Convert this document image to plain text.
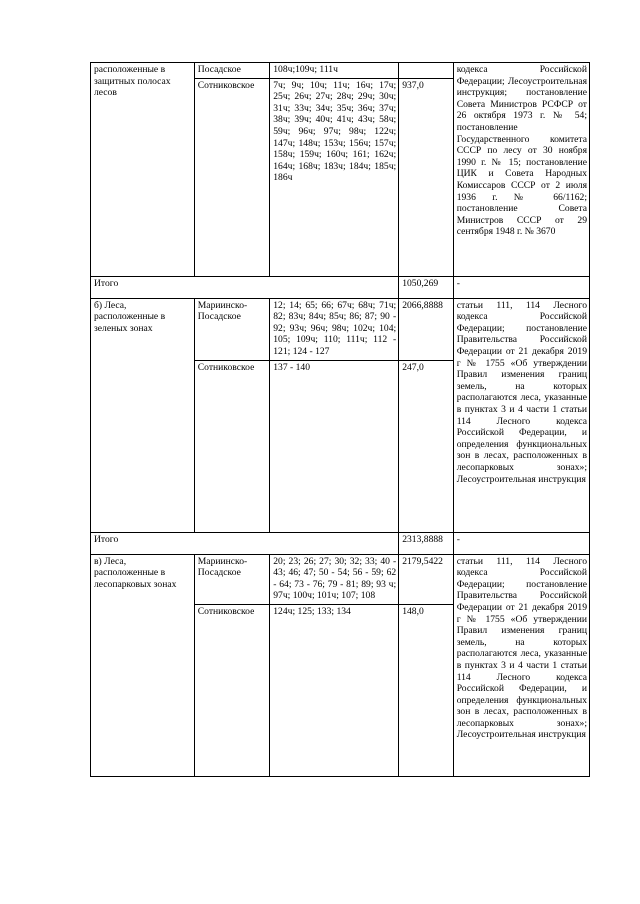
расположенные в защитных полосах лесов	Посадское	108ч;109ч; 111ч		кодекса Российской Федерации; Лесоустроительная инструкция; постановление Совета Министров РСФСР от 26 октября 1973 г. № 54; постановление Государственного комитета СССР по лесу от 30 ноября 1990 г. № 15; постановление ЦИК и Совета Народных Комиссаров СССР от 2 июля 1936 г. № 66/1162; постановление Совета Министров СССР от 29 сентября 1948 г. № 3670
	Сотниковское	7ч; 9ч; 10ч; 11ч; 16ч; 17ч; 25ч; 26ч; 27ч; 28ч; 29ч; 30ч; 31ч; 33ч; 34ч; 35ч; 36ч; 37ч; 38ч; 39ч; 40ч; 41ч; 43ч; 58ч; 59ч; 96ч; 97ч; 98ч; 122ч; 147ч; 148ч; 153ч; 156ч; 157ч; 158ч; 159ч; 160ч; 161; 162ч; 164ч; 168ч; 183ч; 184ч; 185ч; 186ч	937,0	
Итого			1050,269	-
б) Леса, расположенные в зеленых зонах	Мариинско-Посадское	12; 14; 65; 66; 67ч; 68ч; 71ч; 82; 83ч; 84ч; 85ч; 86; 87; 90 - 92; 93ч; 96ч; 98ч; 102ч; 104; 105; 109ч; 110; 111ч; 112 - 121; 124 - 127	2066,8888	статьи 111, 114 Лесного кодекса Российской Федерации; постановление Правительства Российской Федерации от 21 декабря 2019 г № 1755 «Об утверждении Правил изменения границ земель, на которых располагаются леса, указанные в пунктах 3 и 4 части 1 статьи 114 Лесного кодекса Российской Федерации, и определения функциональных зон в лесах, расположенных в лесопарковых зонах»; Лесоустроительная инструкция
	Сотниковское	137 - 140	247,0	
Итого			2313,8888	-
в) Леса, расположенные в лесопарковых зонах	Мариинско-Посадское	20; 23; 26; 27; 30; 32; 33; 40 - 43; 46; 47; 50 - 54; 56 - 59; 62 - 64; 73 - 76; 79 - 81; 89; 93 ч; 97ч; 100ч; 101ч; 107; 108	2179,5422	статьи 111, 114 Лесного кодекса Российской Федерации; постановление Правительства Российской Федерации от 21 декабря 2019 г № 1755 «Об утверждении Правил изменения границ земель, на которых располагаются леса, указанные в пунктах 3 и 4 части 1 статьи 114 Лесного кодекса Российской Федерации, и определения функциональных зон в лесах, расположенных в лесопарковых зонах»; Лесоустроительная инструкция
	Сотниковское	124ч; 125; 133; 134	148,0	
